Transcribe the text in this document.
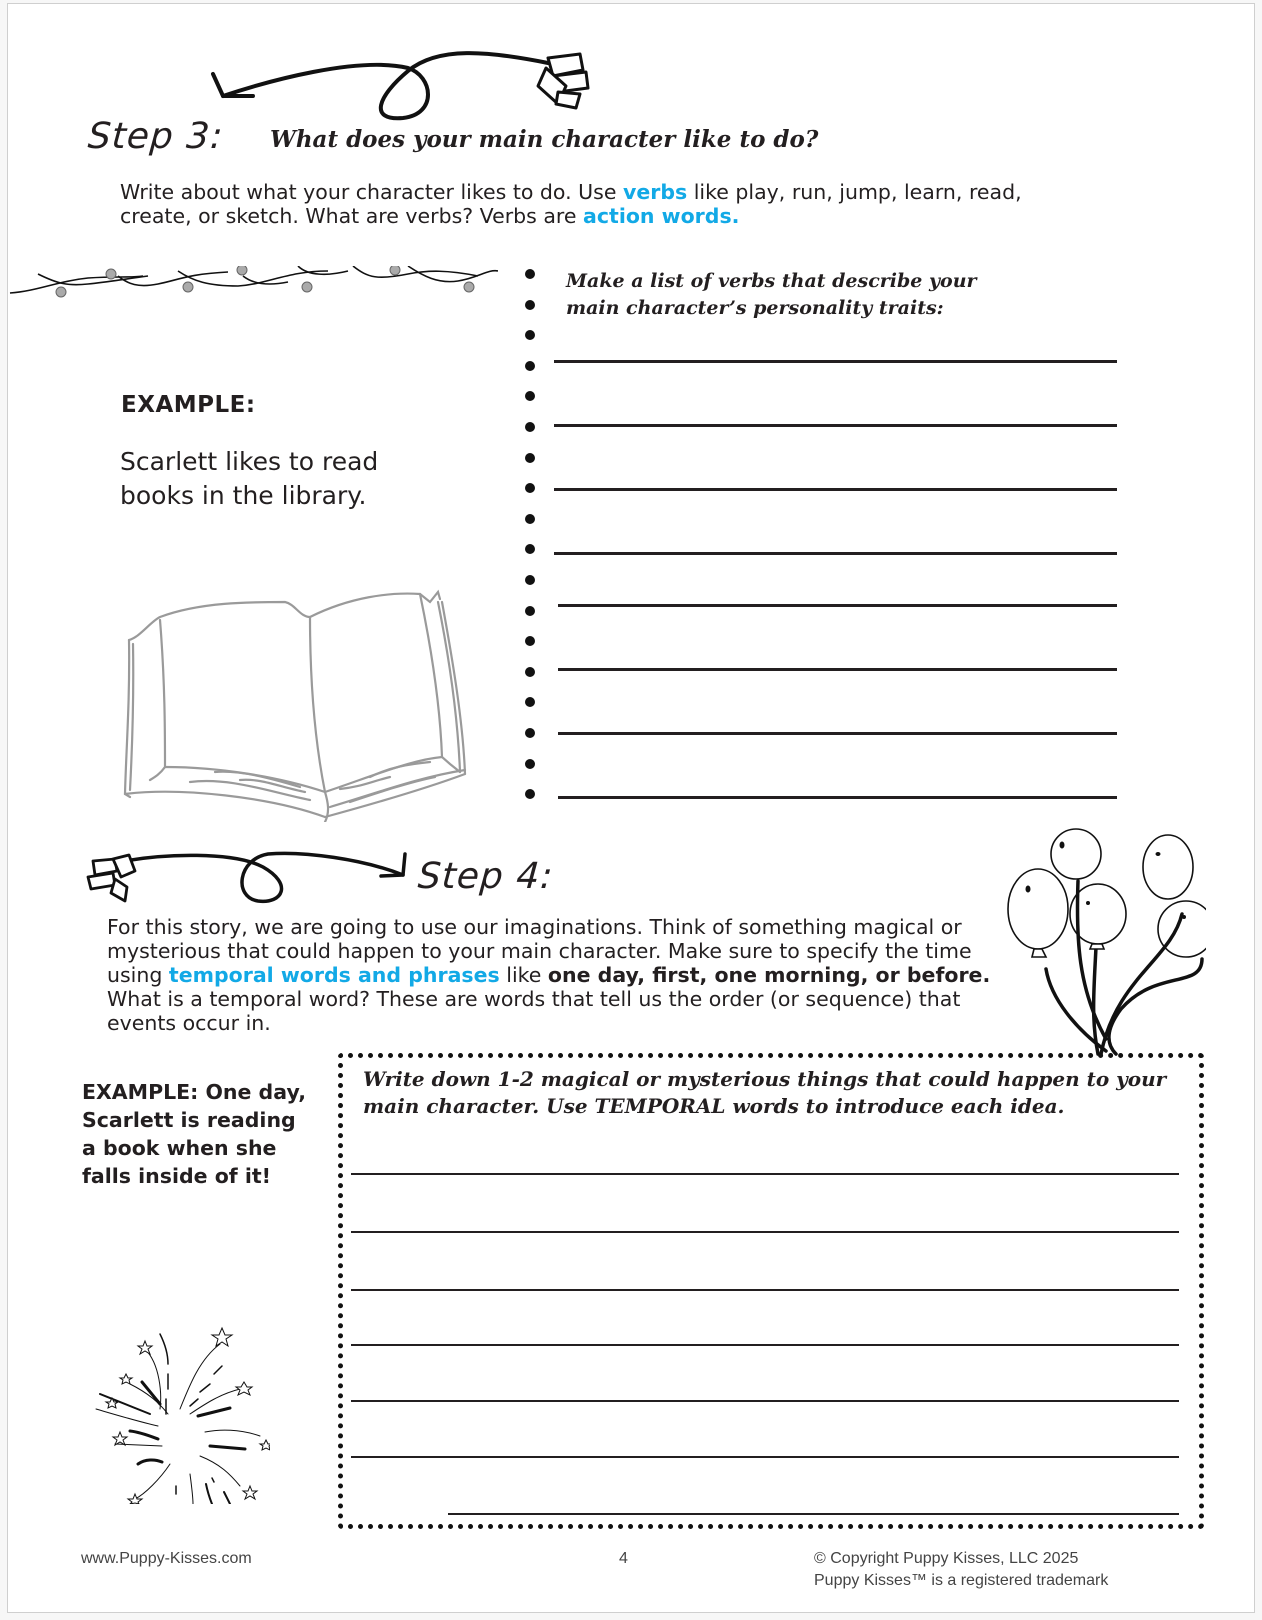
Step 3: What does your main character like to do?
Write about what your character likes to do. Use verbs like play, run, jump, learn, read,
create, or sketch. What are verbs? Verbs are action words.
EXAMPLE:
Scarlett likes to read books in the library.
Make a list of verbs that describe your main character’s personality traits:
Step 4:
For this story, we are going to use our imaginations. Think of something magical or mysterious that could happen to your main character. Make sure to specify the time using temporal words and phrases like one day, first, one morning, or before. What is a temporal word? These are words that tell us the order (or sequence) that events occur in.
EXAMPLE: One day, Scarlett is reading a book when she falls inside of it!
Write down 1-2 magical or mysterious things that could happen to your main character. Use TEMPORAL words to introduce each idea.
www.Puppy-Kisses.com	4	© Copyright Puppy Kisses, LLC 2025
Puppy Kisses™ is a registered trademark
